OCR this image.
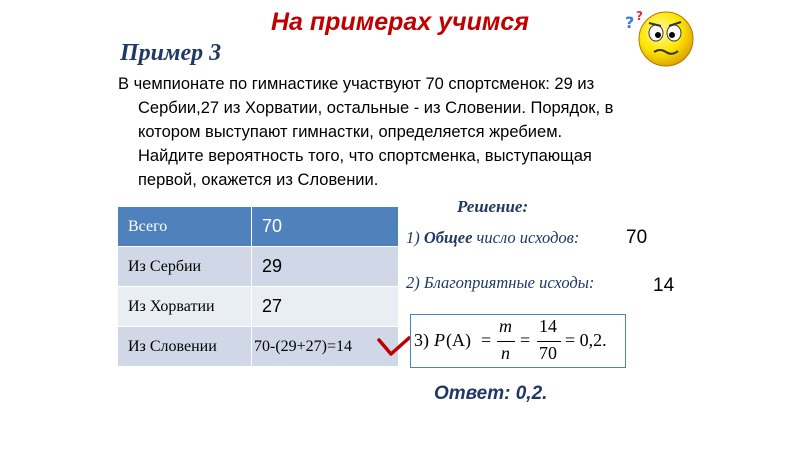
На примерах учимся	? ?
Пример 3
В чемпионате по гимнастике участвуют 70 спортсменок: 29 из
Сербии,27 из Хорватии, остальные - из Словении. Порядок, в
котором выступают гимнастки, определяется жребием.
Найдите вероятность того, что спортсменка, выступающая
первой, окажется из Словении.
Всего	70
Из Сербии	29
Из Хорватии	27
Из Словении	70-(29+27)=14
Решение:
1) Общее число исходов: 70
2) Благоприятные исходы:	14
3) P (A) =
m
n
=
14
70
= 0,2.
Ответ: 0,2.
